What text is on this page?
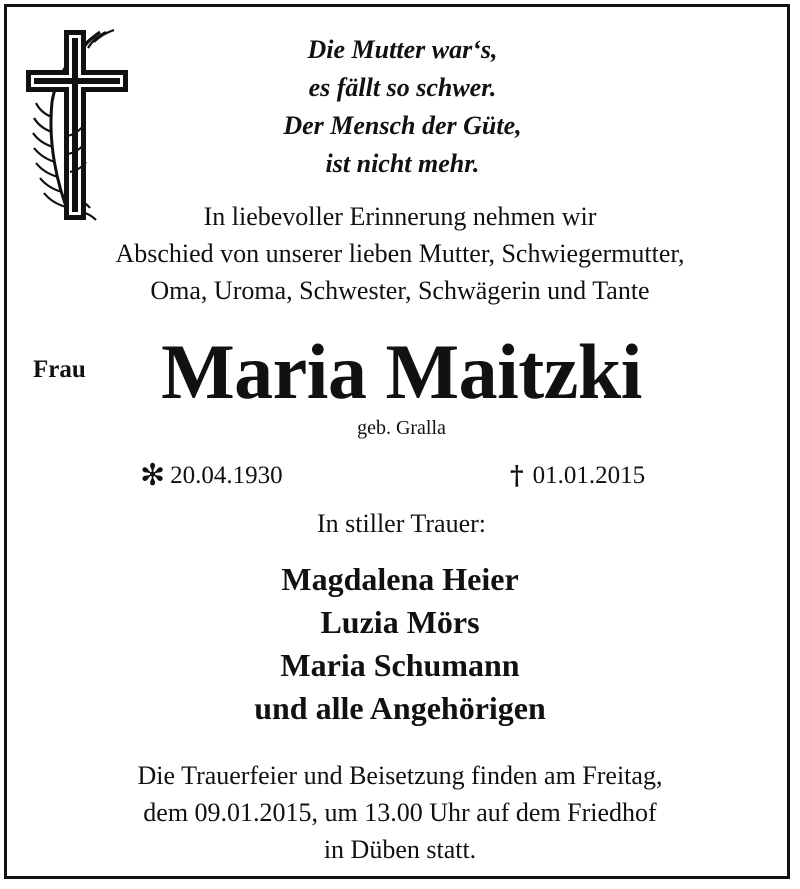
Die Mutter war‘s,
es fällt so schwer.
Der Mensch der Güte,
ist nicht mehr.
In liebevoller Erinnerung nehmen wir
Abschied von unserer lieben Mutter, Schwiegermutter,
Oma, Uroma, Schwester, Schwägerin und Tante
Frau Maria Maitzki
geb. Gralla
✻ 20.04.1930	† 01.01.2015
In stiller Trauer:
Magdalena Heier
Luzia Mörs
Maria Schumann
und alle Angehörigen
Die Trauerfeier und Beisetzung finden am Freitag,
dem 09.01.2015, um 13.00 Uhr auf dem Friedhof
in Düben statt.
